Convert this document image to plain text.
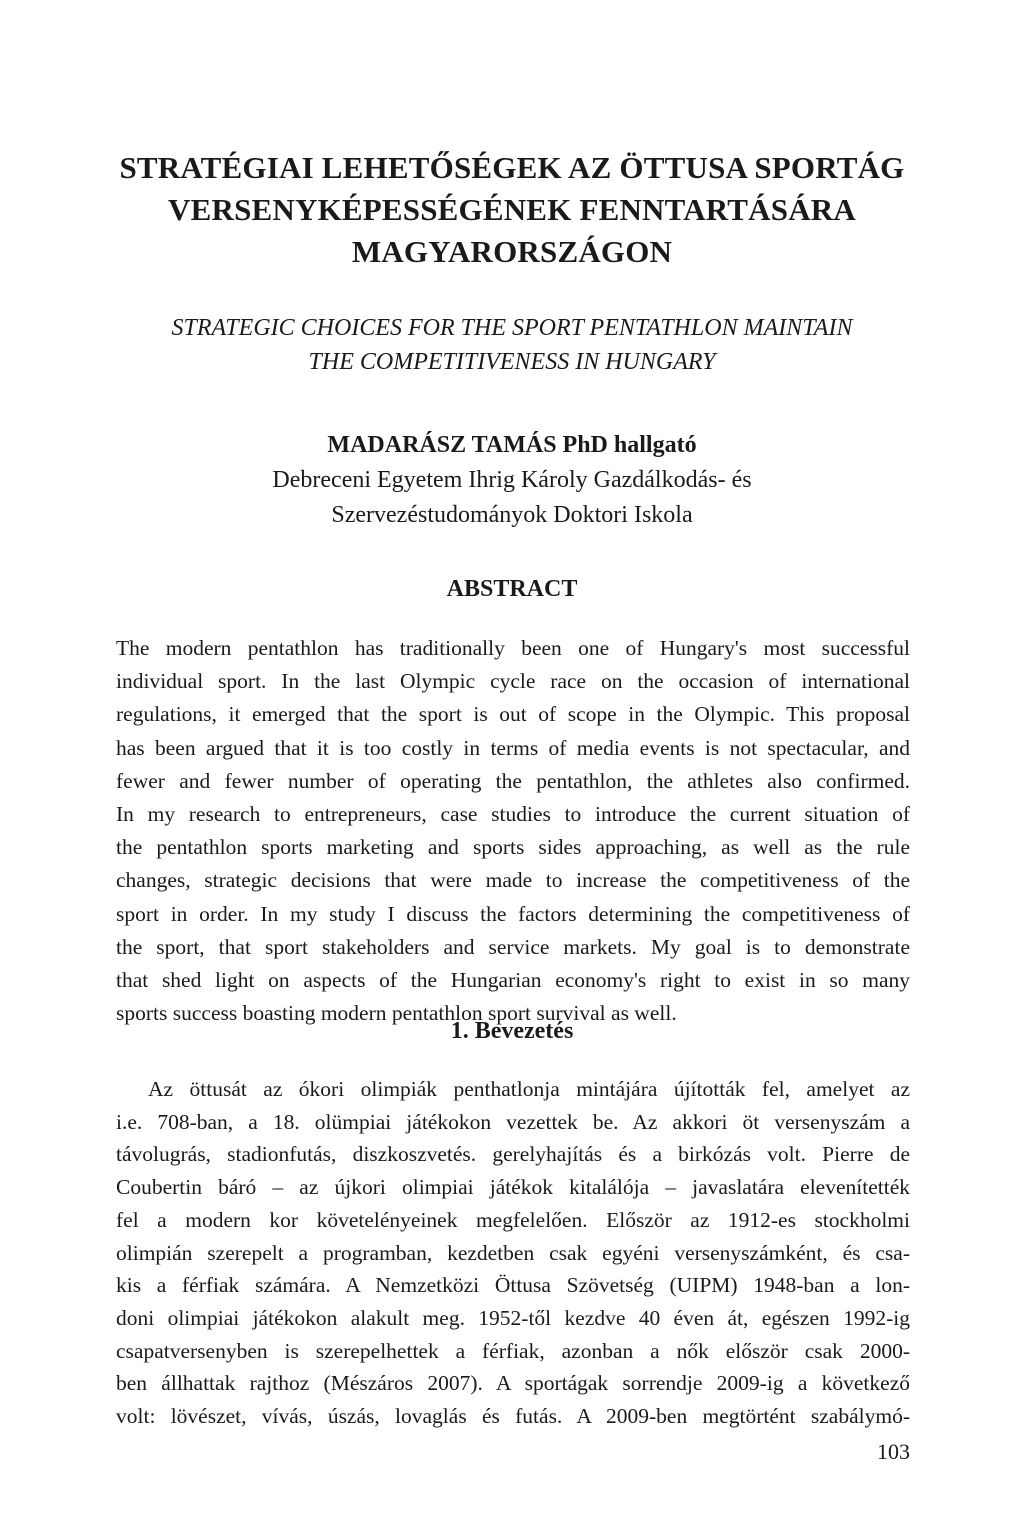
STRATÉGIAI LEHETŐSÉGEK AZ ÖTTUSA SPORTÁG
VERSENYKÉPESSÉGÉNEK FENNTARTÁSÁRA
MAGYARORSZÁGON
STRATEGIC CHOICES FOR THE SPORT PENTATHLON MAINTAIN
THE COMPETITIVENESS IN HUNGARY
MADARÁSZ TAMÁS PhD hallgató
Debreceni Egyetem Ihrig Károly Gazdálkodás- és
Szervezéstudományok Doktori Iskola
ABSTRACT
The modern pentathlon has traditionally been one of Hungary's most successful
individual sport. In the last Olympic cycle race on the occasion of international
regulations, it emerged that the sport is out of scope in the Olympic. This proposal
has been argued that it is too costly in terms of media events is not spectacular, and
fewer and fewer number of operating the pentathlon, the athletes also confirmed.
In my research to entrepreneurs, case studies to introduce the current situation of
the pentathlon sports marketing and sports sides approaching, as well as the rule
changes, strategic decisions that were made to increase the competitiveness of the
sport in order. In my study I discuss the factors determining the competitiveness of
the sport, that sport stakeholders and service markets. My goal is to demonstrate
that shed light on aspects of the Hungarian economy's right to exist in so many
sports success boasting modern pentathlon sport survival as well.
1. Bevezetés
Az öttusát az ókori olimpiák penthatlonja mintájára újították fel, amelyet az
i.e. 708-ban, a 18. olümpiai játékokon vezettek be. Az akkori öt versenyszám a
távolugrás, stadionfutás, diszkoszvetés. gerelyhajítás és a birkózás volt. Pierre de
Coubertin báró – az újkori olimpiai játékok kitalálója – javaslatára elevenítették
fel a modern kor követelényeinek megfelelően. Először az 1912-es stockholmi
olimpián szerepelt a programban, kezdetben csak egyéni versenyszámként, és csa-
kis a férfiak számára. A Nemzetközi Öttusa Szövetség (UIPM) 1948-ban a lon-
doni olimpiai játékokon alakult meg. 1952-től kezdve 40 éven át, egészen 1992-ig
csapatversenyben is szerepelhettek a férfiak, azonban a nők először csak 2000-
ben állhattak rajthoz (Mészáros 2007). A sportágak sorrendje 2009-ig a következő
volt: lövészet, vívás, úszás, lovaglás és futás. A 2009-ben megtörtént szabálymó-
103
